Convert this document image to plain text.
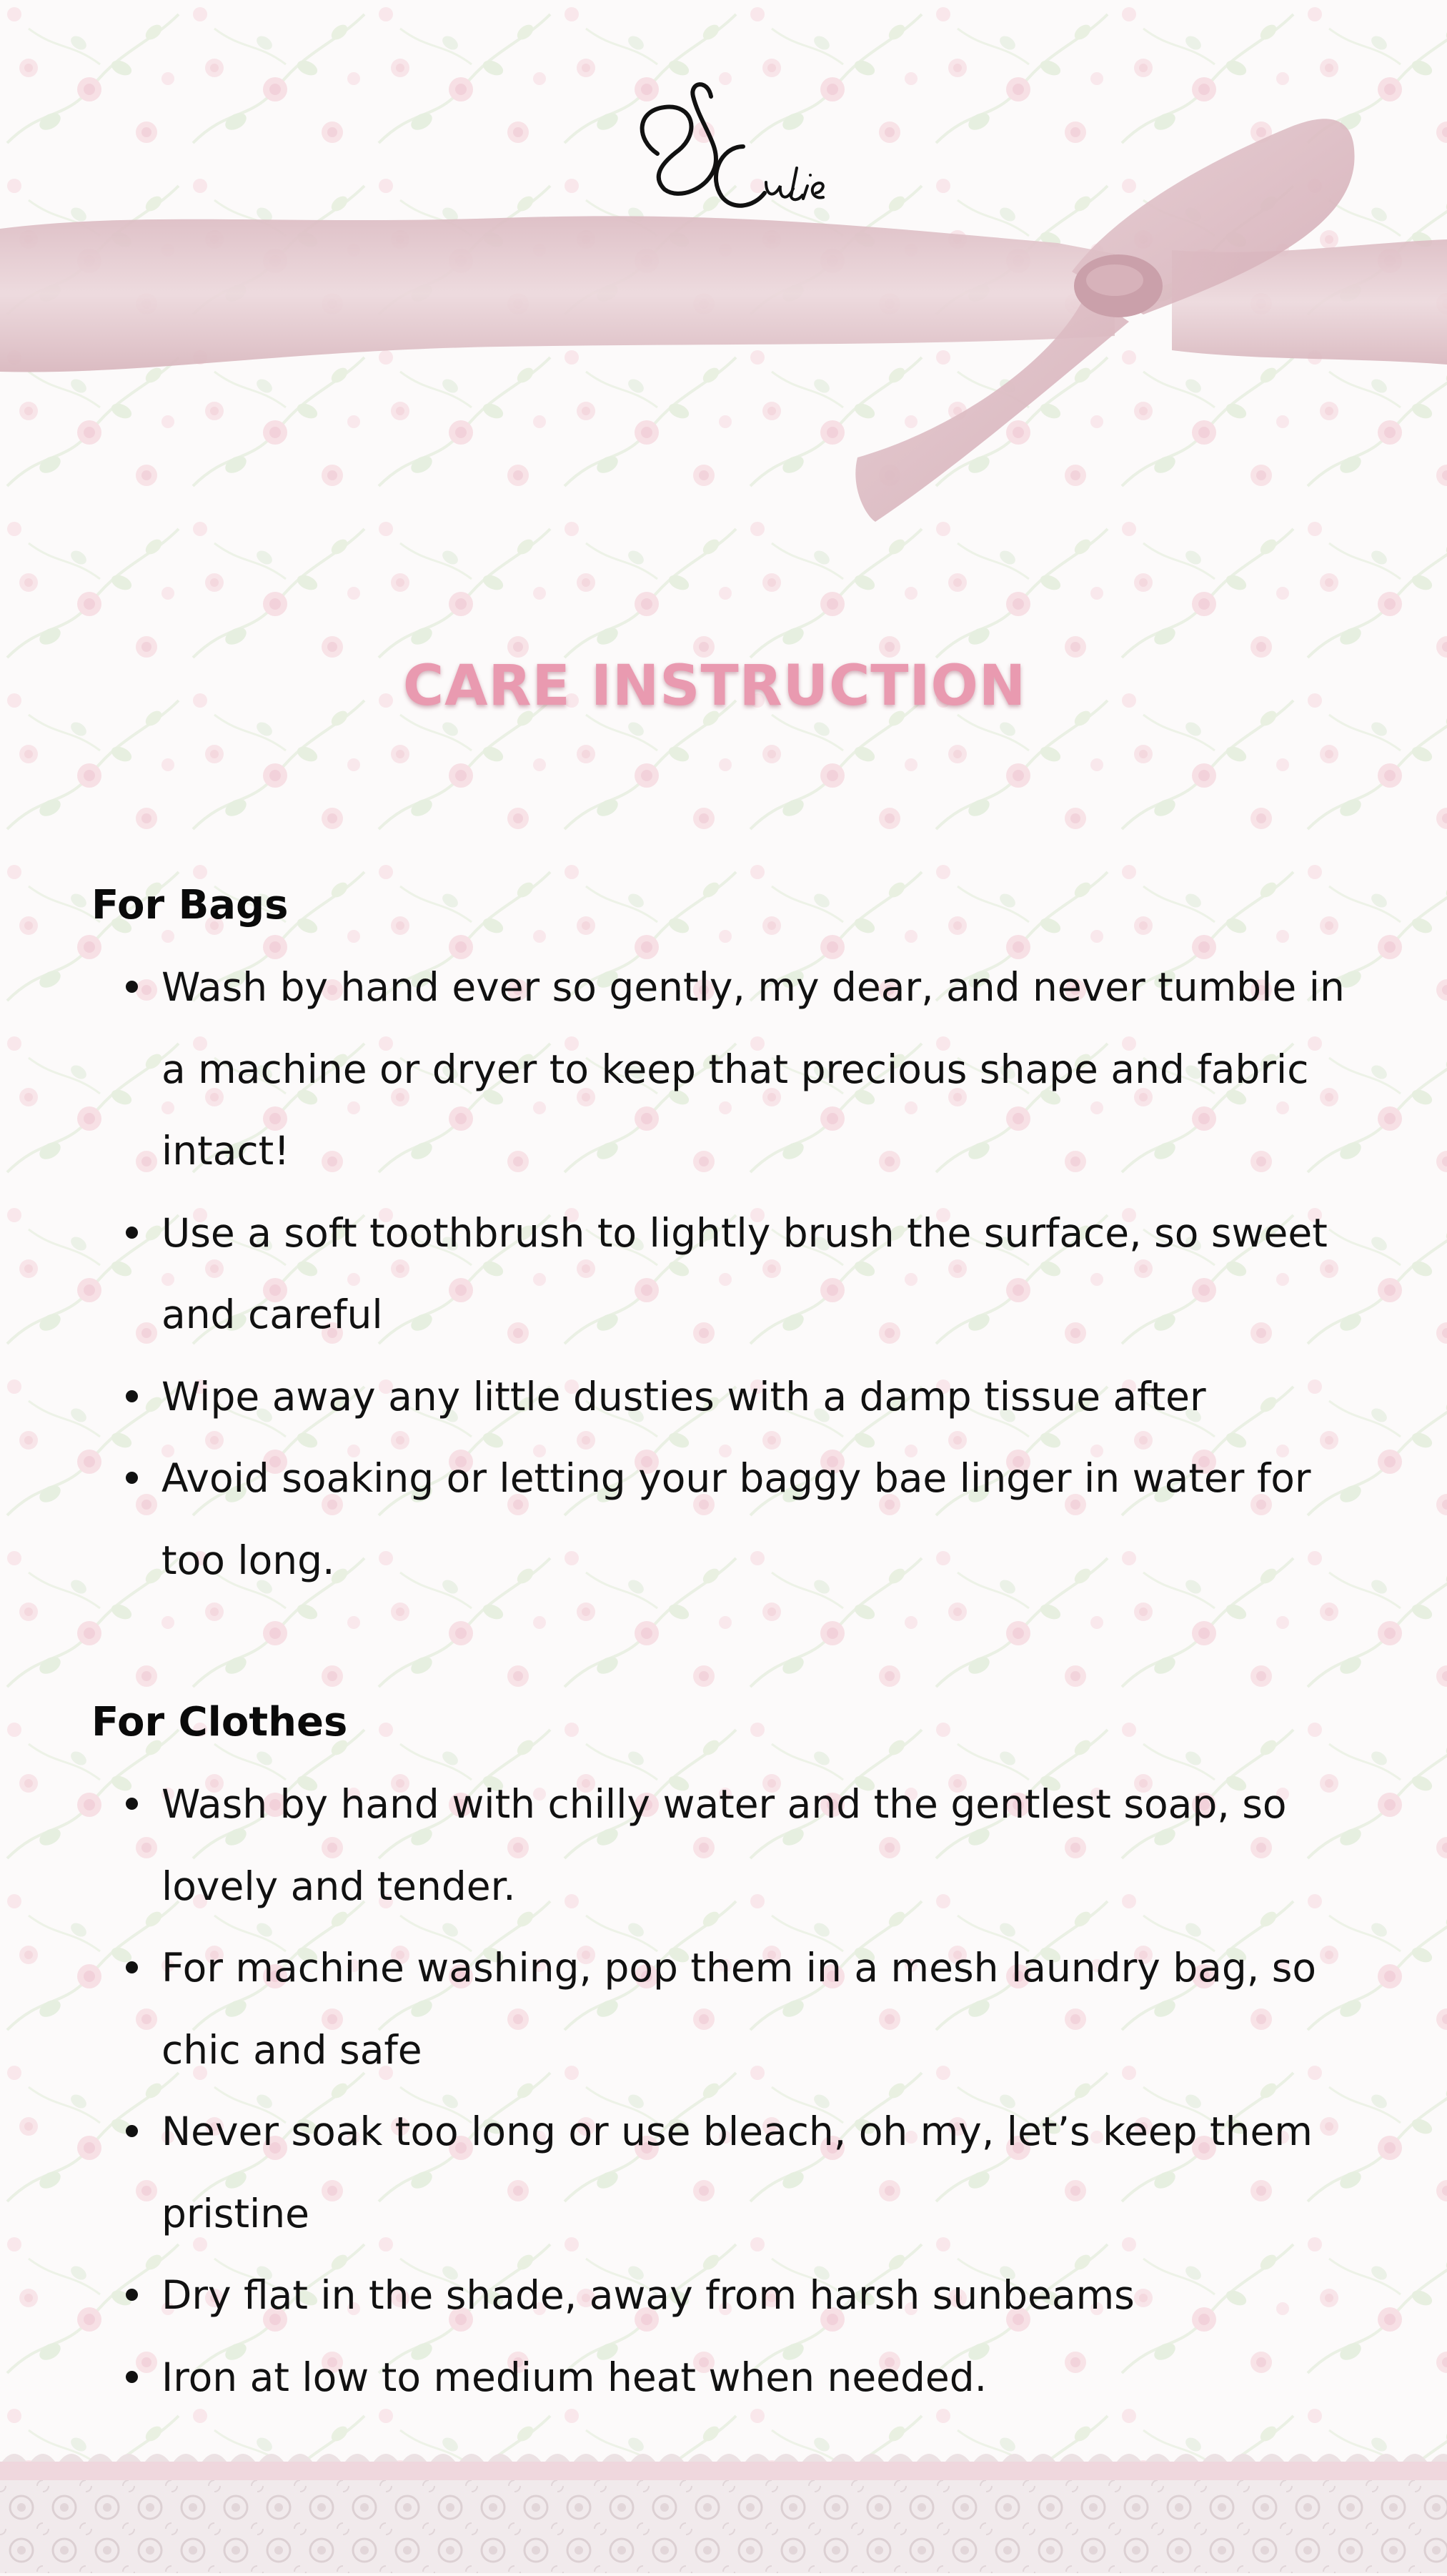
CARE INSTRUCTION
For Bags
Wash by hand ever so gently, my dear, and never tumble in a machine or dryer to keep that precious shape and fabric intact!
Use a soft toothbrush to lightly brush the surface, so sweet and careful
Wipe away any little dusties with a damp tissue after
Avoid soaking or letting your baggy bae linger in water for too long.
For Clothes
Wash by hand with chilly water and the gentlest soap, so lovely and tender.
For machine washing, pop them in a mesh laundry bag, so chic and safe
Never soak too long or use bleach, oh my, let’s keep them pristine
Dry flat in the shade, away from harsh sunbeams
Iron at low to medium heat when needed.
